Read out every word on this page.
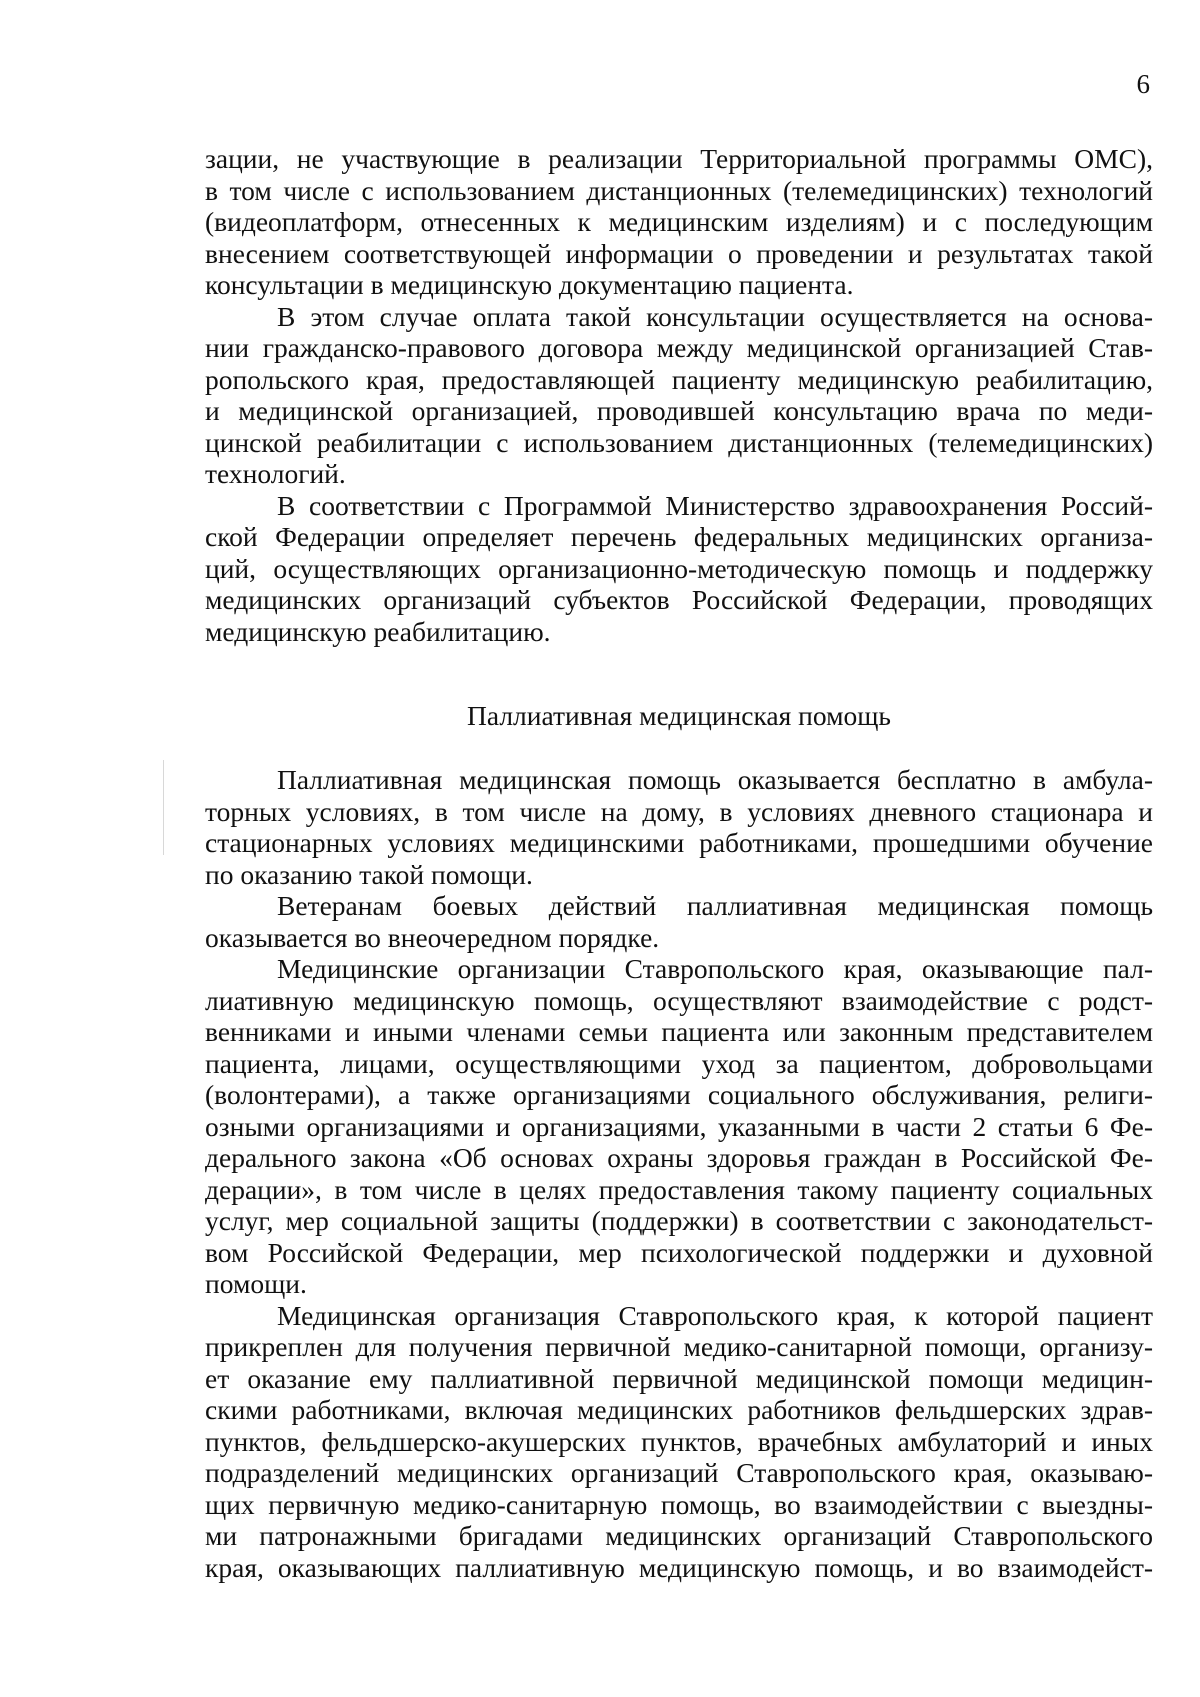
6
зации, не участвующие в реализации Территориальной программы ОМС),
в том числе с использованием дистанционных (телемедицинских) технологий
(видеоплатформ, отнесенных к медицинским изделиям) и с последующим
внесением соответствующей информации о проведении и результатах такой
консультации в медицинскую документацию пациента.
В этом случае оплата такой консультации осуществляется на основа-
нии гражданско-правового договора между медицинской организацией Став-
ропольского края, предоставляющей пациенту медицинскую реабилитацию,
и медицинской организацией, проводившей консультацию врача по меди-
цинской реабилитации с использованием дистанционных (телемедицинских)
технологий.
В соответствии с Программой Министерство здравоохранения Россий-
ской Федерации определяет перечень федеральных медицинских организа-
ций, осуществляющих организационно-методическую помощь и поддержку
медицинских организаций субъектов Российской Федерации, проводящих
медицинскую реабилитацию.
Паллиативная медицинская помощь
Паллиативная медицинская помощь оказывается бесплатно в амбула-
торных условиях, в том числе на дому, в условиях дневного стационара и
стационарных условиях медицинскими работниками, прошедшими обучение
по оказанию такой помощи.
Ветеранам боевых действий паллиативная медицинская помощь
оказывается во внеочередном порядке.
Медицинские организации Ставропольского края, оказывающие пал-
лиативную медицинскую помощь, осуществляют взаимодействие с родст-
венниками и иными членами семьи пациента или законным представителем
пациента, лицами, осуществляющими уход за пациентом, добровольцами
(волонтерами), а также организациями социального обслуживания, религи-
озными организациями и организациями, указанными в части 2 статьи 6 Фе-
дерального закона «Об основах охраны здоровья граждан в Российской Фе-
дерации», в том числе в целях предоставления такому пациенту социальных
услуг, мер социальной защиты (поддержки) в соответствии с законодательст-
вом Российской Федерации, мер психологической поддержки и духовной
помощи.
Медицинская организация Ставропольского края, к которой пациент
прикреплен для получения первичной медико-санитарной помощи, организу-
ет оказание ему паллиативной первичной медицинской помощи медицин-
скими работниками, включая медицинских работников фельдшерских здрав-
пунктов, фельдшерско-акушерских пунктов, врачебных амбулаторий и иных
подразделений медицинских организаций Ставропольского края, оказываю-
щих первичную медико-санитарную помощь, во взаимодействии с выездны-
ми патронажными бригадами медицинских организаций Ставропольского
края, оказывающих паллиативную медицинскую помощь, и во взаимодейст-
